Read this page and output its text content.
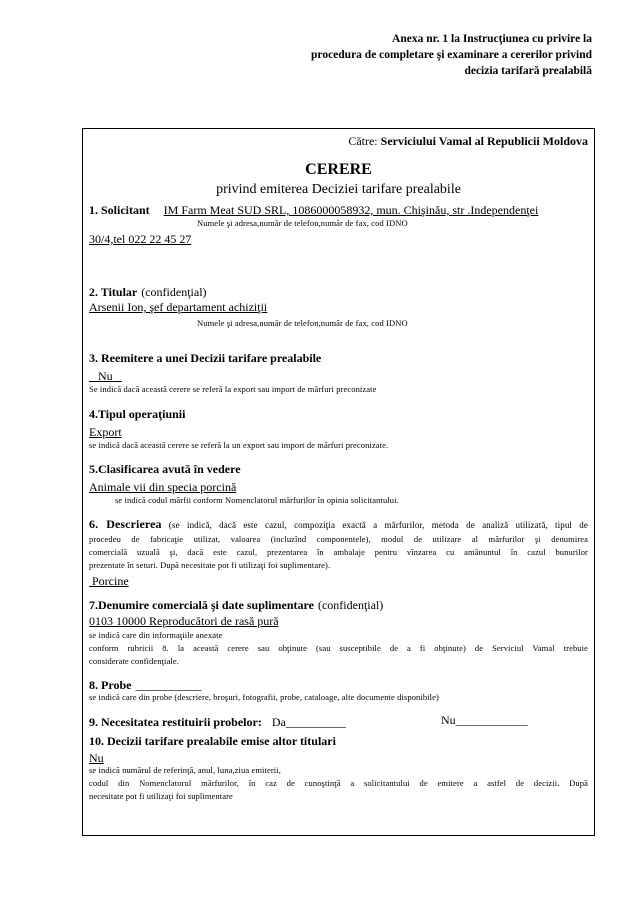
Anexa nr. 1 la Instrucţiunea cu privire la
procedura de completare şi examinare a cererilor privind
decizia tarifară prealabilă
Către: Serviciului Vamal al Republicii Moldova
CERERE
privind emiterea Deciziei tarifare prealabile
1. Solicitant IM Farm Meat SUD SRL, 1086000058932, mun. Chişinău, str .Independenţei
Numele şi adresa,număr de telefon,număr de fax, cod IDNO
30/4,tel 022 22 45 27
2. Titular (confidenţial)
Arsenii Ion, şef departament achiziţii
Numele şi adresa,număr de telefon,număr de fax, cod IDNO
3. Reemitere a unei Decizii tarifare prealabile
Nu
Se indică dacă această cerere se referă la export sau import de mărfuri preconizate
4.Tipul operaţiunii
Export
se indică dacă această cerere se referă la un export sau import de mărfuri preconizate.
5.Clasificarea avută în vedere
Animale vii din specia porcină
se indică codul mărfii conform Nomenclatorul mărfurilor în opinia solicitantului.
6. Descrierea (se indică, dacă este cazul, compoziţia exactă a mărfurilor, metoda de analiză utilizată, tipul de
procedeu de fabricaţie utilizat, valoarea (incluzînd componentele), modul de utilizare al mărfurilor şi denumirea
comercială uzuală şi, dacă este cazul, prezentarea în ambalaje pentru vînzarea cu amănuntul în cazul bunurilor
prezentate în seturi. După necesitate pot fi utilizaţi foi suplimentare).
Porcine
7.Denumire comercială şi date suplimentare (confidenţial)
0103 10000 Reproducători de rasă pură
se indică care din informaţiile anexate
conform rubricii 8. la această cerere sau obţinute (sau susceptibile de a fi obţinute) de Serviciul Vamal trebuie
considerate confidenţiale.
8. Probe ___________
se indică care din probe (descriere, broşuri, fotografii, probe, cataloage, alte documente disponibile)
9. Necesitatea restituirii probelor: Da__________	Nu____________
10. Decizii tarifare prealabile emise altor titulari
Nu
se indică numărul de referinţă, anul, luna,ziua emiterii,
codul din Nomenclatorul mărfurilor, în caz de cunoştinţă a solicitantului de emitere a astfel de decizii. După
necesitate pot fi utilizaţi foi suplimentare
